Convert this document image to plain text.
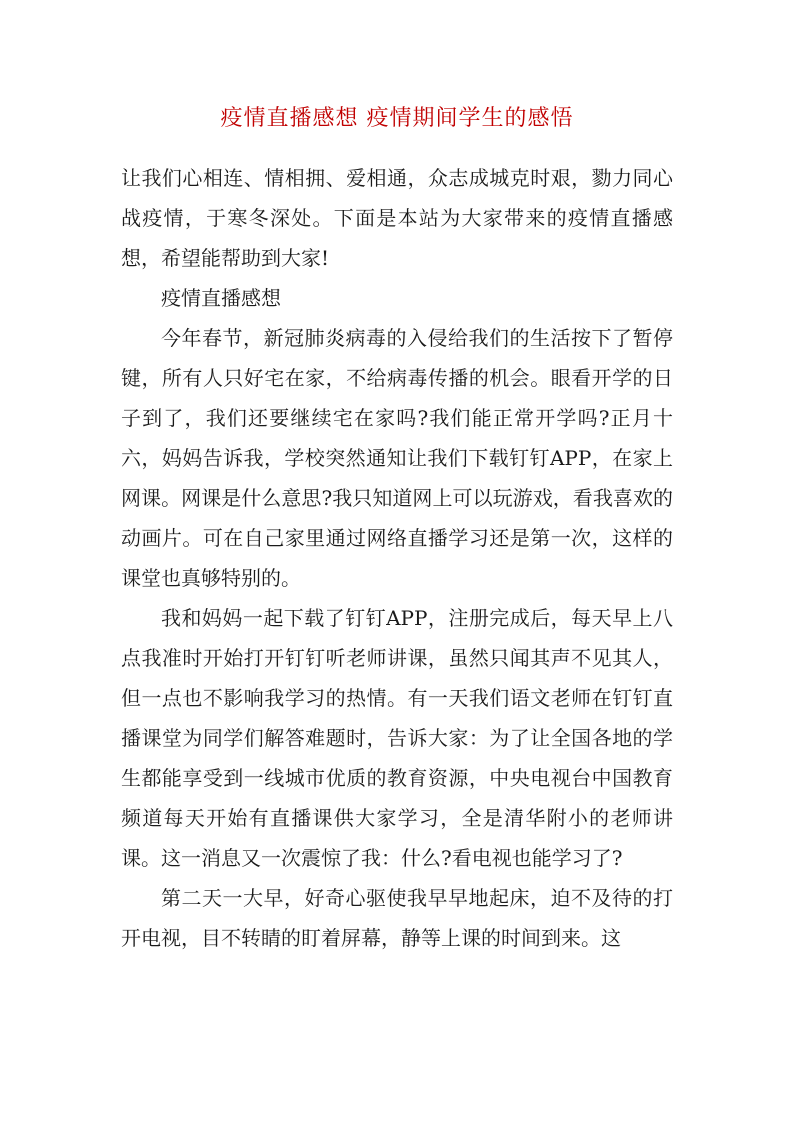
疫情直播感想 疫情期间学生的感悟

让我们心相连、情相拥、爱相通，众志成城克时艰，勠力同心战疫情，于寒冬深处。下面是本站为大家带来的疫情直播感想，希望能帮助到大家!

疫情直播感想

今年春节，新冠肺炎病毒的入侵给我们的生活按下了暂停键，所有人只好宅在家，不给病毒传播的机会。眼看开学的日子到了，我们还要继续宅在家吗?我们能正常开学吗?正月十六，妈妈告诉我，学校突然通知让我们下载钉钉APP，在家上网课。网课是什么意思?我只知道网上可以玩游戏，看我喜欢的动画片。可在自己家里通过网络直播学习还是第一次，这样的课堂也真够特别的。

我和妈妈一起下载了钉钉APP，注册完成后，每天早上八点我准时开始打开钉钉听老师讲课，虽然只闻其声不见其人，但一点也不影响我学习的热情。有一天我们语文老师在钉钉直播课堂为同学们解答难题时，告诉大家：为了让全国各地的学生都能享受到一线城市优质的教育资源，中央电视台中国教育频道每天开始有直播课供大家学习，全是清华附小的老师讲课。这一消息又一次震惊了我：什么?看电视也能学习了?

第二天一大早，好奇心驱使我早早地起床，迫不及待的打开电视，目不转睛的盯着屏幕，静等上课的时间到来。这
